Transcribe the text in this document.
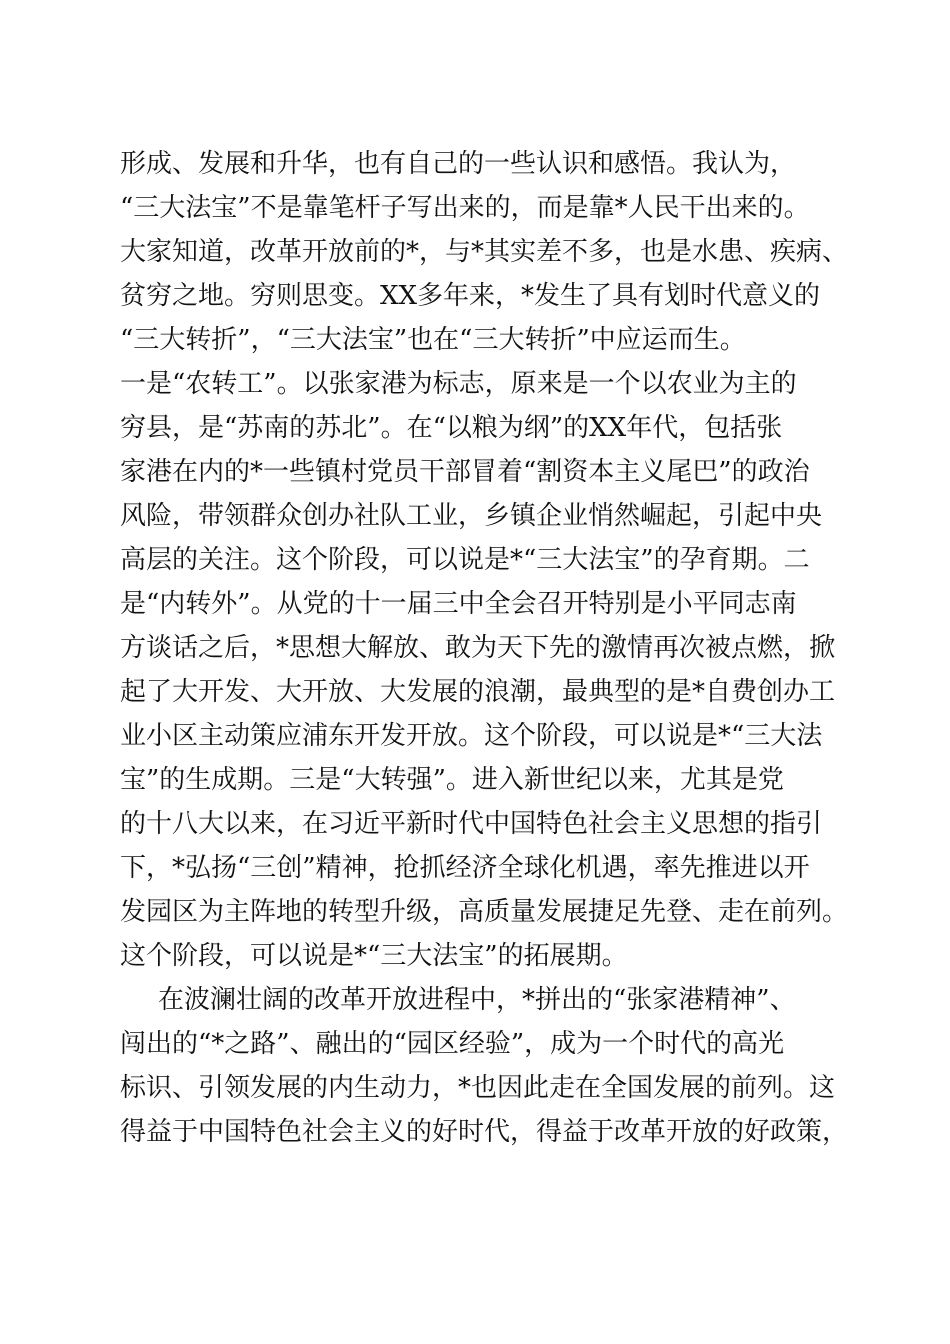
形成、发展和升华，也有自己的一些认识和感悟。我认为，
“三大法宝”不是靠笔杆子写出来的，而是靠*人民干出来的。
大家知道，改革开放前的*，与*其实差不多，也是水患、疾病、
贫穷之地。穷则思变。XX多年来，*发生了具有划时代意义的
“三大转折”，“三大法宝”也在“三大转折”中应运而生。
一是“农转工”。以张家港为标志，原来是一个以农业为主的
穷县，是“苏南的苏北”。在“以粮为纲”的XX年代，包括张
家港在内的*一些镇村党员干部冒着“割资本主义尾巴”的政治
风险，带领群众创办社队工业，乡镇企业悄然崛起，引起中央
高层的关注。这个阶段，可以说是*“三大法宝”的孕育期。二
是“内转外”。从党的十一届三中全会召开特别是小平同志南
方谈话之后，*思想大解放、敢为天下先的激情再次被点燃，掀
起了大开发、大开放、大发展的浪潮，最典型的是*自费创办工
业小区主动策应浦东开发开放。这个阶段，可以说是*“三大法
宝”的生成期。三是“大转强”。进入新世纪以来，尤其是党
的十八大以来，在习近平新时代中国特色社会主义思想的指引
下，*弘扬“三创”精神，抢抓经济全球化机遇，率先推进以开
发园区为主阵地的转型升级，高质量发展捷足先登、走在前列。
这个阶段，可以说是*“三大法宝”的拓展期。
在波澜壮阔的改革开放进程中，*拼出的“张家港精神”、
闯出的“*之路”、融出的“园区经验”，成为一个时代的高光
标识、引领发展的内生动力，*也因此走在全国发展的前列。这
得益于中国特色社会主义的好时代，得益于改革开放的好政策，
